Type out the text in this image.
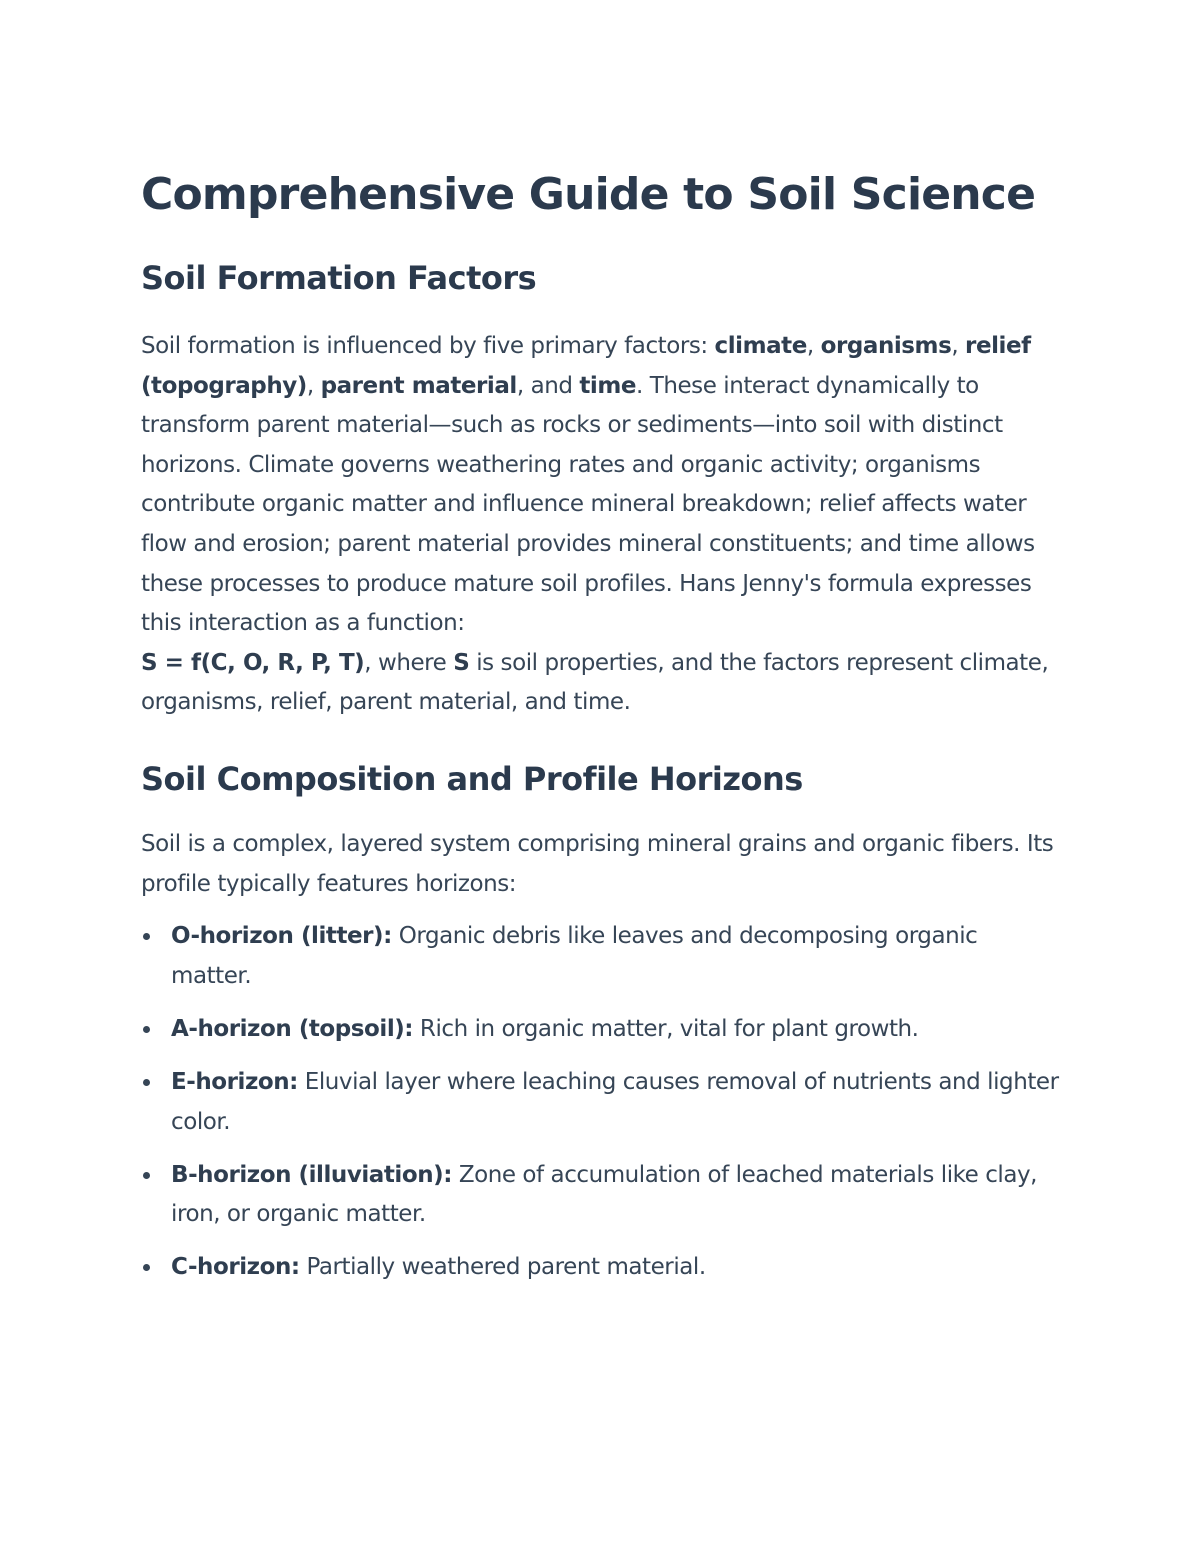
Comprehensive Guide to Soil Science
Soil Formation Factors

Soil formation is influenced by five primary factors: climate, organisms, relief (topography), parent material, and time. These interact dynamically to transform parent material—such as rocks or sediments—into soil with distinct horizons. Climate governs weathering rates and organic activity; organisms contribute organic matter and influence mineral breakdown; relief affects water flow and erosion; parent material provides mineral constituents; and time allows these processes to produce mature soil profiles. Hans Jenny's formula expresses this interaction as a function:
S = f(C, O, R, P, T), where S is soil properties, and the factors represent climate, organisms, relief, parent material, and time.

Soil Composition and Profile Horizons

Soil is a complex, layered system comprising mineral grains and organic fibers. Its profile typically features horizons:

O-horizon (litter): Organic debris like leaves and decomposing organic matter.
A-horizon (topsoil): Rich in organic matter, vital for plant growth.
E-horizon: Eluvial layer where leaching causes removal of nutrients and lighter color.
B-horizon (illuviation): Zone of accumulation of leached materials like clay, iron, or organic matter.
C-horizon: Partially weathered parent material.
